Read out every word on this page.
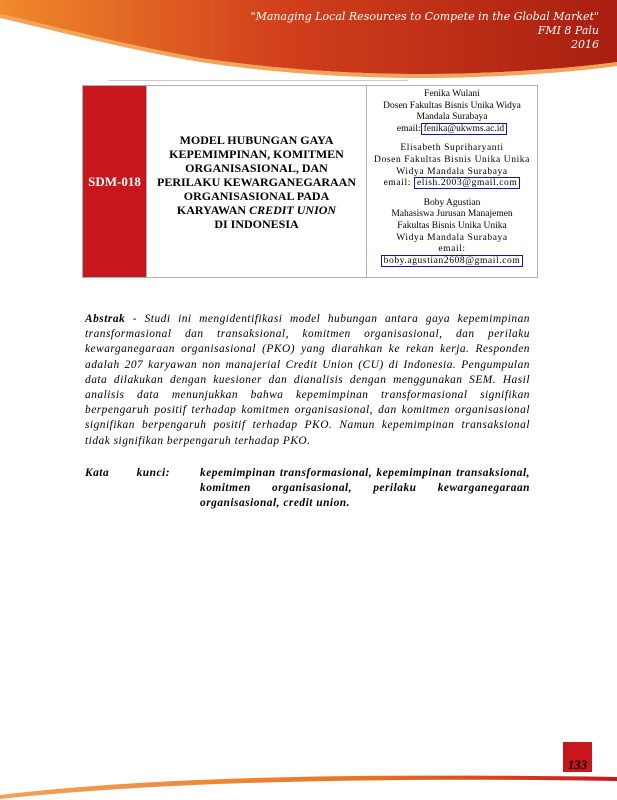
"Managing Local Resources to Compete in the Global Market"
FMI 8 Palu
2016
SDM-018
MODEL HUBUNGAN GAYA
KEPEMIMPINAN, KOMITMEN
ORGANISASIONAL, DAN
PERILAKU KEWARGANEGARAAN
ORGANISASIONAL PADA
KARYAWAN CREDIT UNION
DI INDONESIA
Fenika Wulani
Dosen Fakultas Bisnis Unika Widya
Mandala Surabaya
email: fenika@ukwms.ac.id
Elisabeth Supriharyanti
Dosen Fakultas Bisnis Unika Unika
Widya Mandala Surabaya
email: elish.2003@gmail.com
Boby Agustian
Mahasiswa Jurusan Manajemen
Fakultas Bisnis Unika Unika
Widya Mandala Surabaya
email:
boby.agustian2608@gmail.com
Abstrak - Studi ini mengidentifikasi model hubungan antara gaya kepemimpinan transformasional dan transaksional, komitmen organisasional, dan perilaku kewarganegaraan organisasional (PKO) yang diarahkan ke rekan kerja. Responden adalah 207 karyawan non manajerial Credit Union (CU) di Indonesia. Pengumpulan data dilakukan dengan kuesioner dan dianalisis dengan menggunakan SEM. Hasil analisis data menunjukkan bahwa kepemimpinan transformasional signifikan berpengaruh positif terhadap komitmen organisasional, dan komitmen organisasional signifikan berpengaruh positif terhadap PKO. Namun kepemimpinan transaksional tidak signifikan berpengaruh terhadap PKO.
Kata kunci:	kepemimpinan transformasional, kepemimpinan transaksional, komitmen organisasional, perilaku kewarganegaraan organisasional, credit union.
133
